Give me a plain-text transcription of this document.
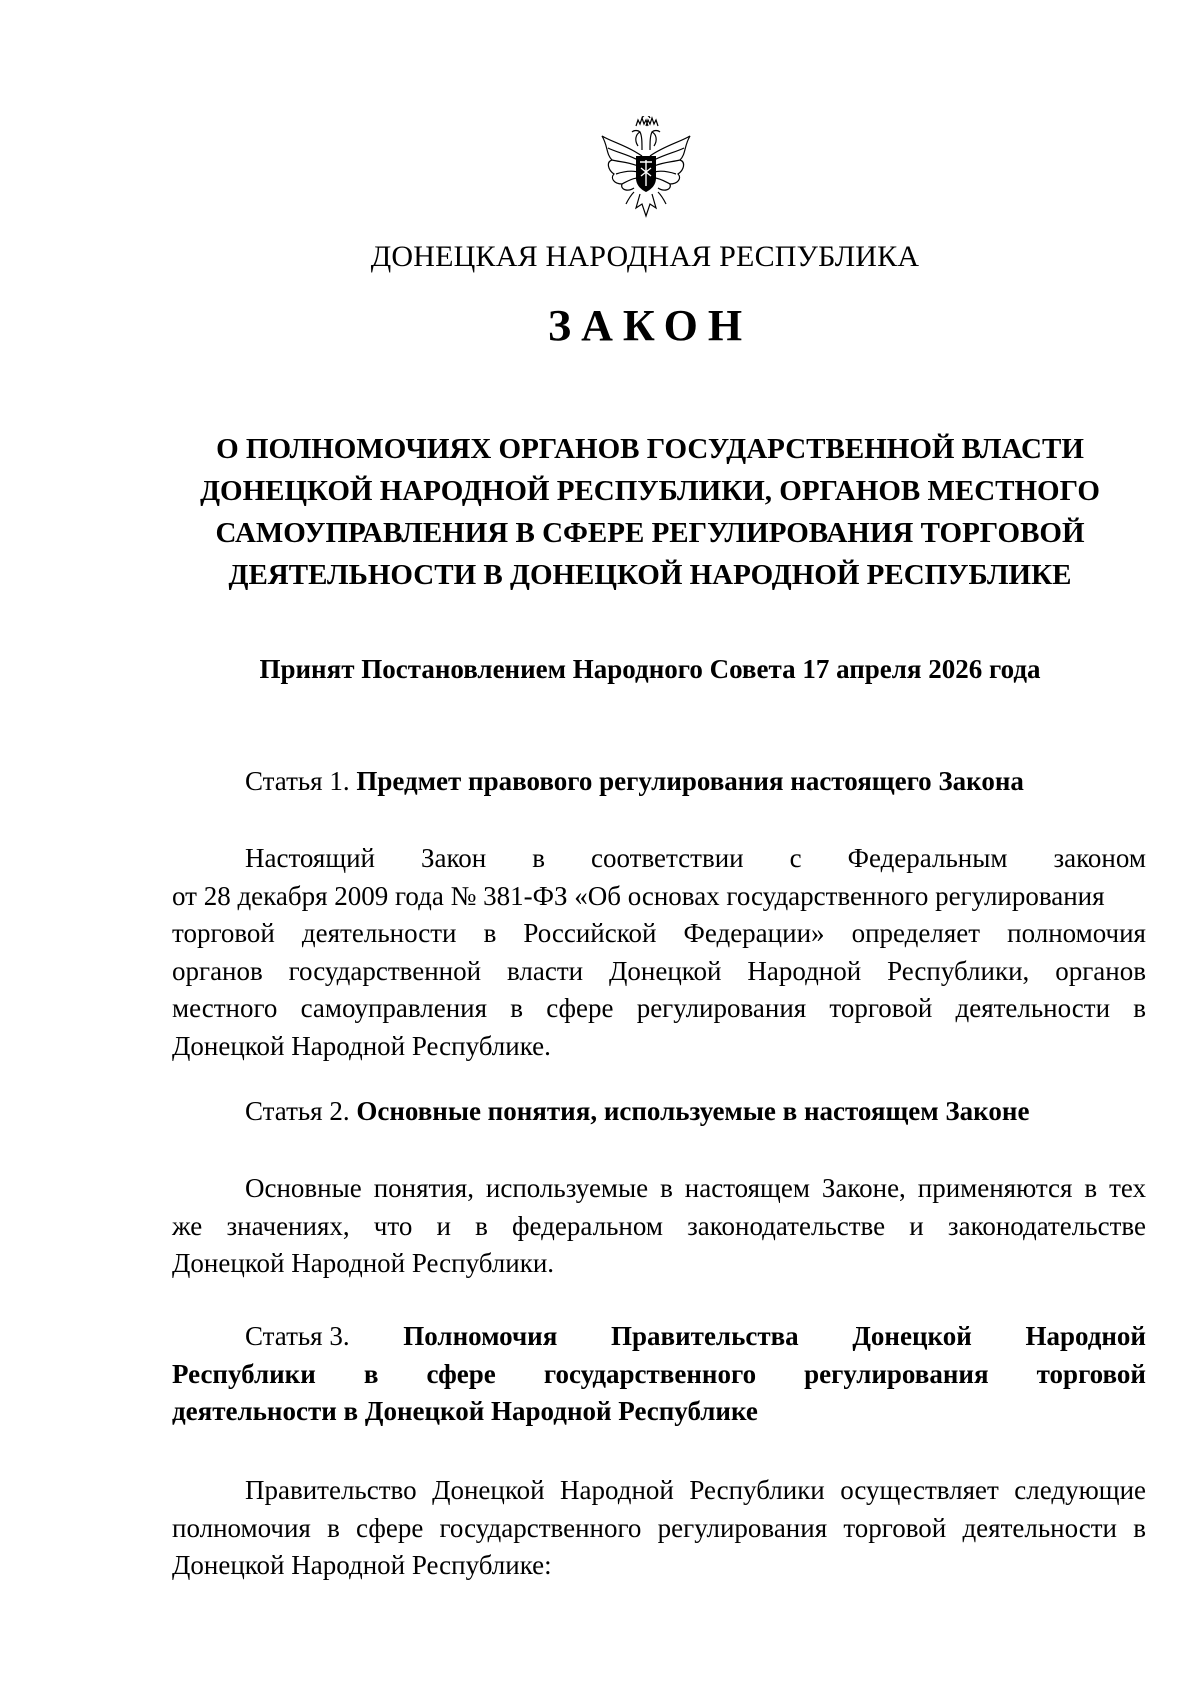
ДОНЕЦКАЯ НАРОДНАЯ РЕСПУБЛИКА
ЗАКОН
О ПОЛНОМОЧИЯХ ОРГАНОВ ГОСУДАРСТВЕННОЙ ВЛАСТИ
ДОНЕЦКОЙ НАРОДНОЙ РЕСПУБЛИКИ, ОРГАНОВ МЕСТНОГО
САМОУПРАВЛЕНИЯ В СФЕРЕ РЕГУЛИРОВАНИЯ ТОРГОВОЙ
ДЕЯТЕЛЬНОСТИ В ДОНЕЦКОЙ НАРОДНОЙ РЕСПУБЛИКЕ
Принят Постановлением Народного Совета 17 апреля 2026 года
Статья 1. Предмет правового регулирования настоящего Закона
Настоящий Закон в соответствии с Федеральным законом
от 28 декабря 2009 года № 381-ФЗ «Об основах государственного регулирования
торговой деятельности в Российской Федерации» определяет полномочия
органов государственной власти Донецкой Народной Республики, органов
местного самоуправления в сфере регулирования торговой деятельности в
Донецкой Народной Республике.
Статья 2. Основные понятия, используемые в настоящем Законе
Основные понятия, используемые в настоящем Законе, применяются в тех
же значениях, что и в федеральном законодательстве и законодательстве
Донецкой Народной Республики.
Статья 3. Полномочия Правительства Донецкой Народной
Республики в сфере государственного регулирования торговой
деятельности в Донецкой Народной Республике
Правительство Донецкой Народной Республики осуществляет следующие
полномочия в сфере государственного регулирования торговой деятельности в
Донецкой Народной Республике:
